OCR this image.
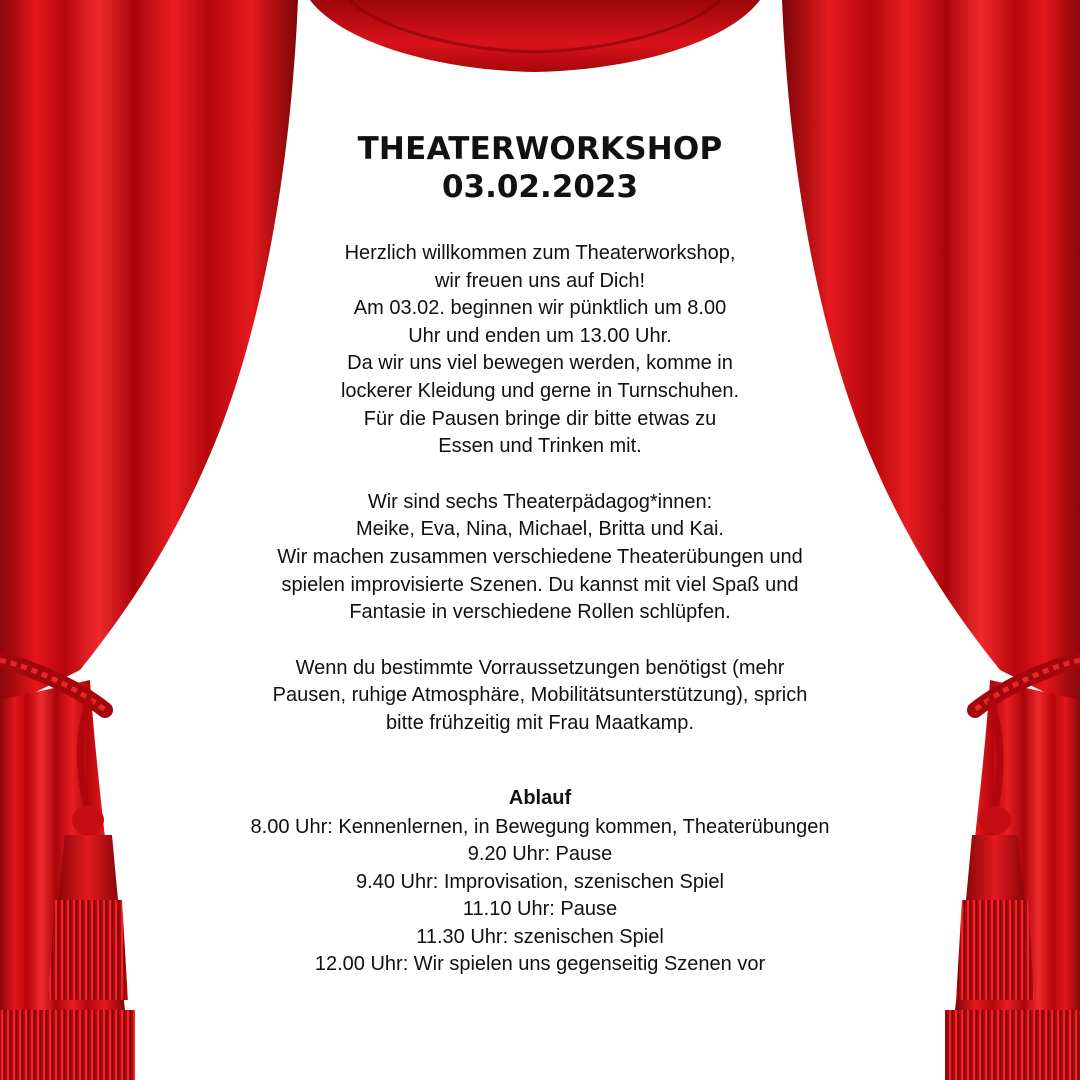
THEATERWORKSHOP
03.02.2023

Herzlich willkommen zum Theaterworkshop,

wir freuen uns auf Dich!

Am 03.02. beginnen wir pünktlich um 8.00

Uhr und enden um 13.00 Uhr.

Da wir uns viel bewegen werden, komme in

lockerer Kleidung und gerne in Turnschuhen.

Für die Pausen bringe dir bitte etwas zu

Essen und Trinken mit.

Wir sind sechs Theaterpädagog*innen:

Meike, Eva, Nina, Michael, Britta und Kai.

Wir machen zusammen verschiedene Theaterübungen und

spielen improvisierte Szenen. Du kannst mit viel Spaß und

Fantasie in verschiedene Rollen schlüpfen.

Wenn du bestimmte Vorraussetzungen benötigst (mehr

Pausen, ruhige Atmosphäre, Mobilitätsunterstützung), sprich

bitte frühzeitig mit Frau Maatkamp.

Ablauf

8.00 Uhr: Kennenlernen, in Bewegung kommen, Theaterübungen

9.20 Uhr: Pause

9.40 Uhr: Improvisation, szenischen Spiel

11.10 Uhr: Pause

11.30 Uhr: szenischen Spiel

12.00 Uhr: Wir spielen uns gegenseitig Szenen vor
